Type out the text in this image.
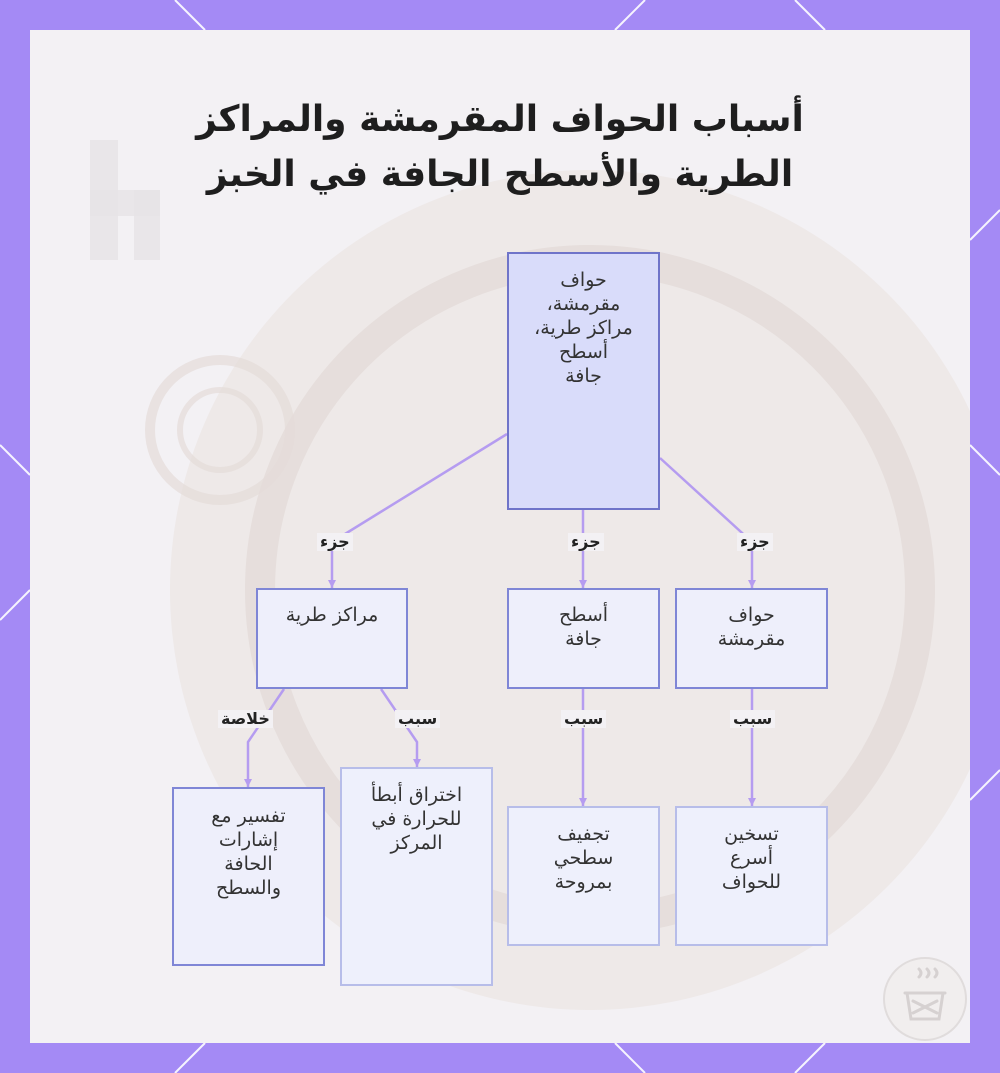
أسباب الحواف المقرمشة والمراكز
الطرية والأسطح الجافة في الخبز
جزء	جزء	جزء
خلاصة	سبب	سبب	سبب
حواف
مقرمشة،
مراكز طرية،
أسطح
جافة
مراكز طرية	أسطح
جافة
حواف
مقرمشة
تفسير مع
إشارات
الحافة
والسطح
اختراق أبطأ
للحرارة في
المركز	تجفيف
سطحي
بمروحة
تسخين
أسرع
للحواف
